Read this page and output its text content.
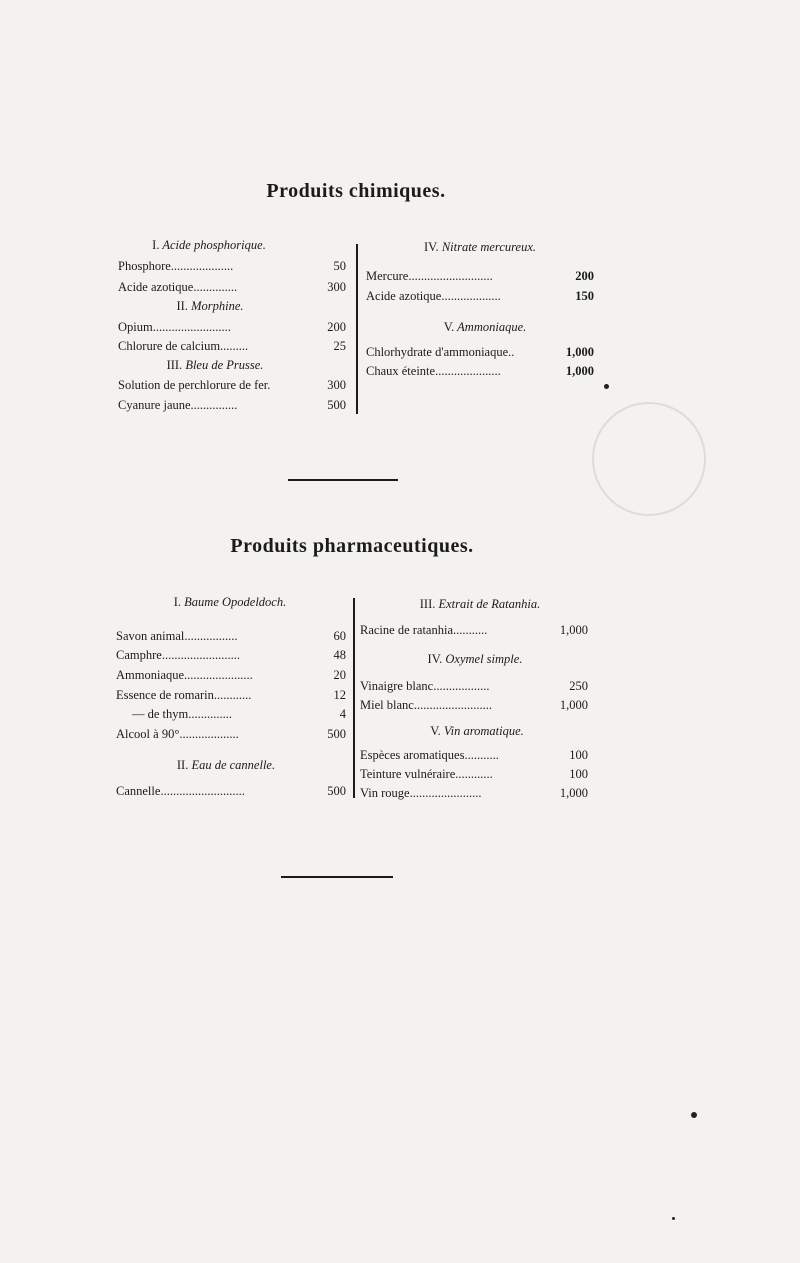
Produits chimiques.
I. Acide phosphorique.
Phosphore....................	50
Acide azotique..............	300
II. Morphine.
Opium.........................	200
Chlorure de calcium.........	25
III. Bleu de Prusse.
Solution de perchlorure de fer.	300
Cyanure jaune...............	500
IV. Nitrate mercureux.
Mercure...........................	200
Acide azotique...................	150
V. Ammoniaque.
Chlorhydrate d'ammoniaque..	1,000
Chaux éteinte.....................	1,000
Produits pharmaceutiques.
I. Baume Opodeldoch.
Savon animal.................	60
Camphre.........................	48
Ammoniaque......................	20
Essence de romarin............	12
— de thym..............	4
Alcool à 90°...................	500
II. Eau de cannelle.
Cannelle...........................	500
III. Extrait de Ratanhia.
Racine de ratanhia...........	1,000
IV. Oxymel simple.
Vinaigre blanc..................	250
Miel blanc.........................	1,000
V. Vin aromatique.
Espèces aromatiques...........	100
Teinture vulnéraire............	100
Vin rouge.......................	1,000
